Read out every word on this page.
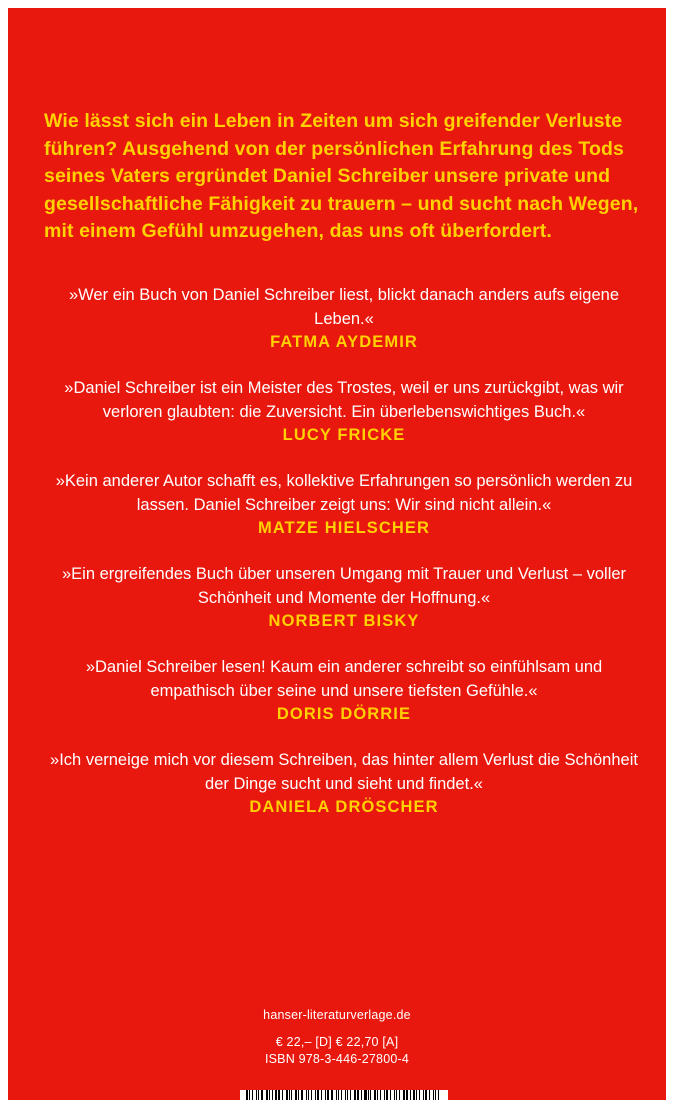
Wie lässt sich ein Leben in Zeiten um sich greifender Verluste führen? Ausgehend von der persönlichen Erfahrung des Tods seines Vaters ergründet Daniel Schreiber unsere private und gesellschaftliche Fähigkeit zu trauern – und sucht nach Wegen, mit einem Gefühl umzugehen, das uns oft überfordert.
»Wer ein Buch von Daniel Schreiber liest, blickt danach anders aufs eigene Leben.«
FATMA AYDEMIR
»Daniel Schreiber ist ein Meister des Trostes, weil er uns zurückgibt, was wir verloren glaubten: die Zuversicht. Ein überlebenswichtiges Buch.«
LUCY FRICKE
»Kein anderer Autor schafft es, kollektive Erfahrungen so persönlich werden zu lassen. Daniel Schreiber zeigt uns: Wir sind nicht allein.«
MATZE HIELSCHER
»Ein ergreifendes Buch über unseren Umgang mit Trauer und Verlust – voller Schönheit und Momente der Hoffnung.«
NORBERT BISKY
»Daniel Schreiber lesen! Kaum ein anderer schreibt so einfühlsam und empathisch über seine und unsere tiefsten Gefühle.«
DORIS DÖRRIE
»Ich verneige mich vor diesem Schreiben, das hinter allem Verlust die Schönheit der Dinge sucht und sieht und findet.«
DANIELA DRÖSCHER
hanser-literaturverlage.de
€ 22,– [D] € 22,70 [A]
ISBN 978-3-446-27800-4
